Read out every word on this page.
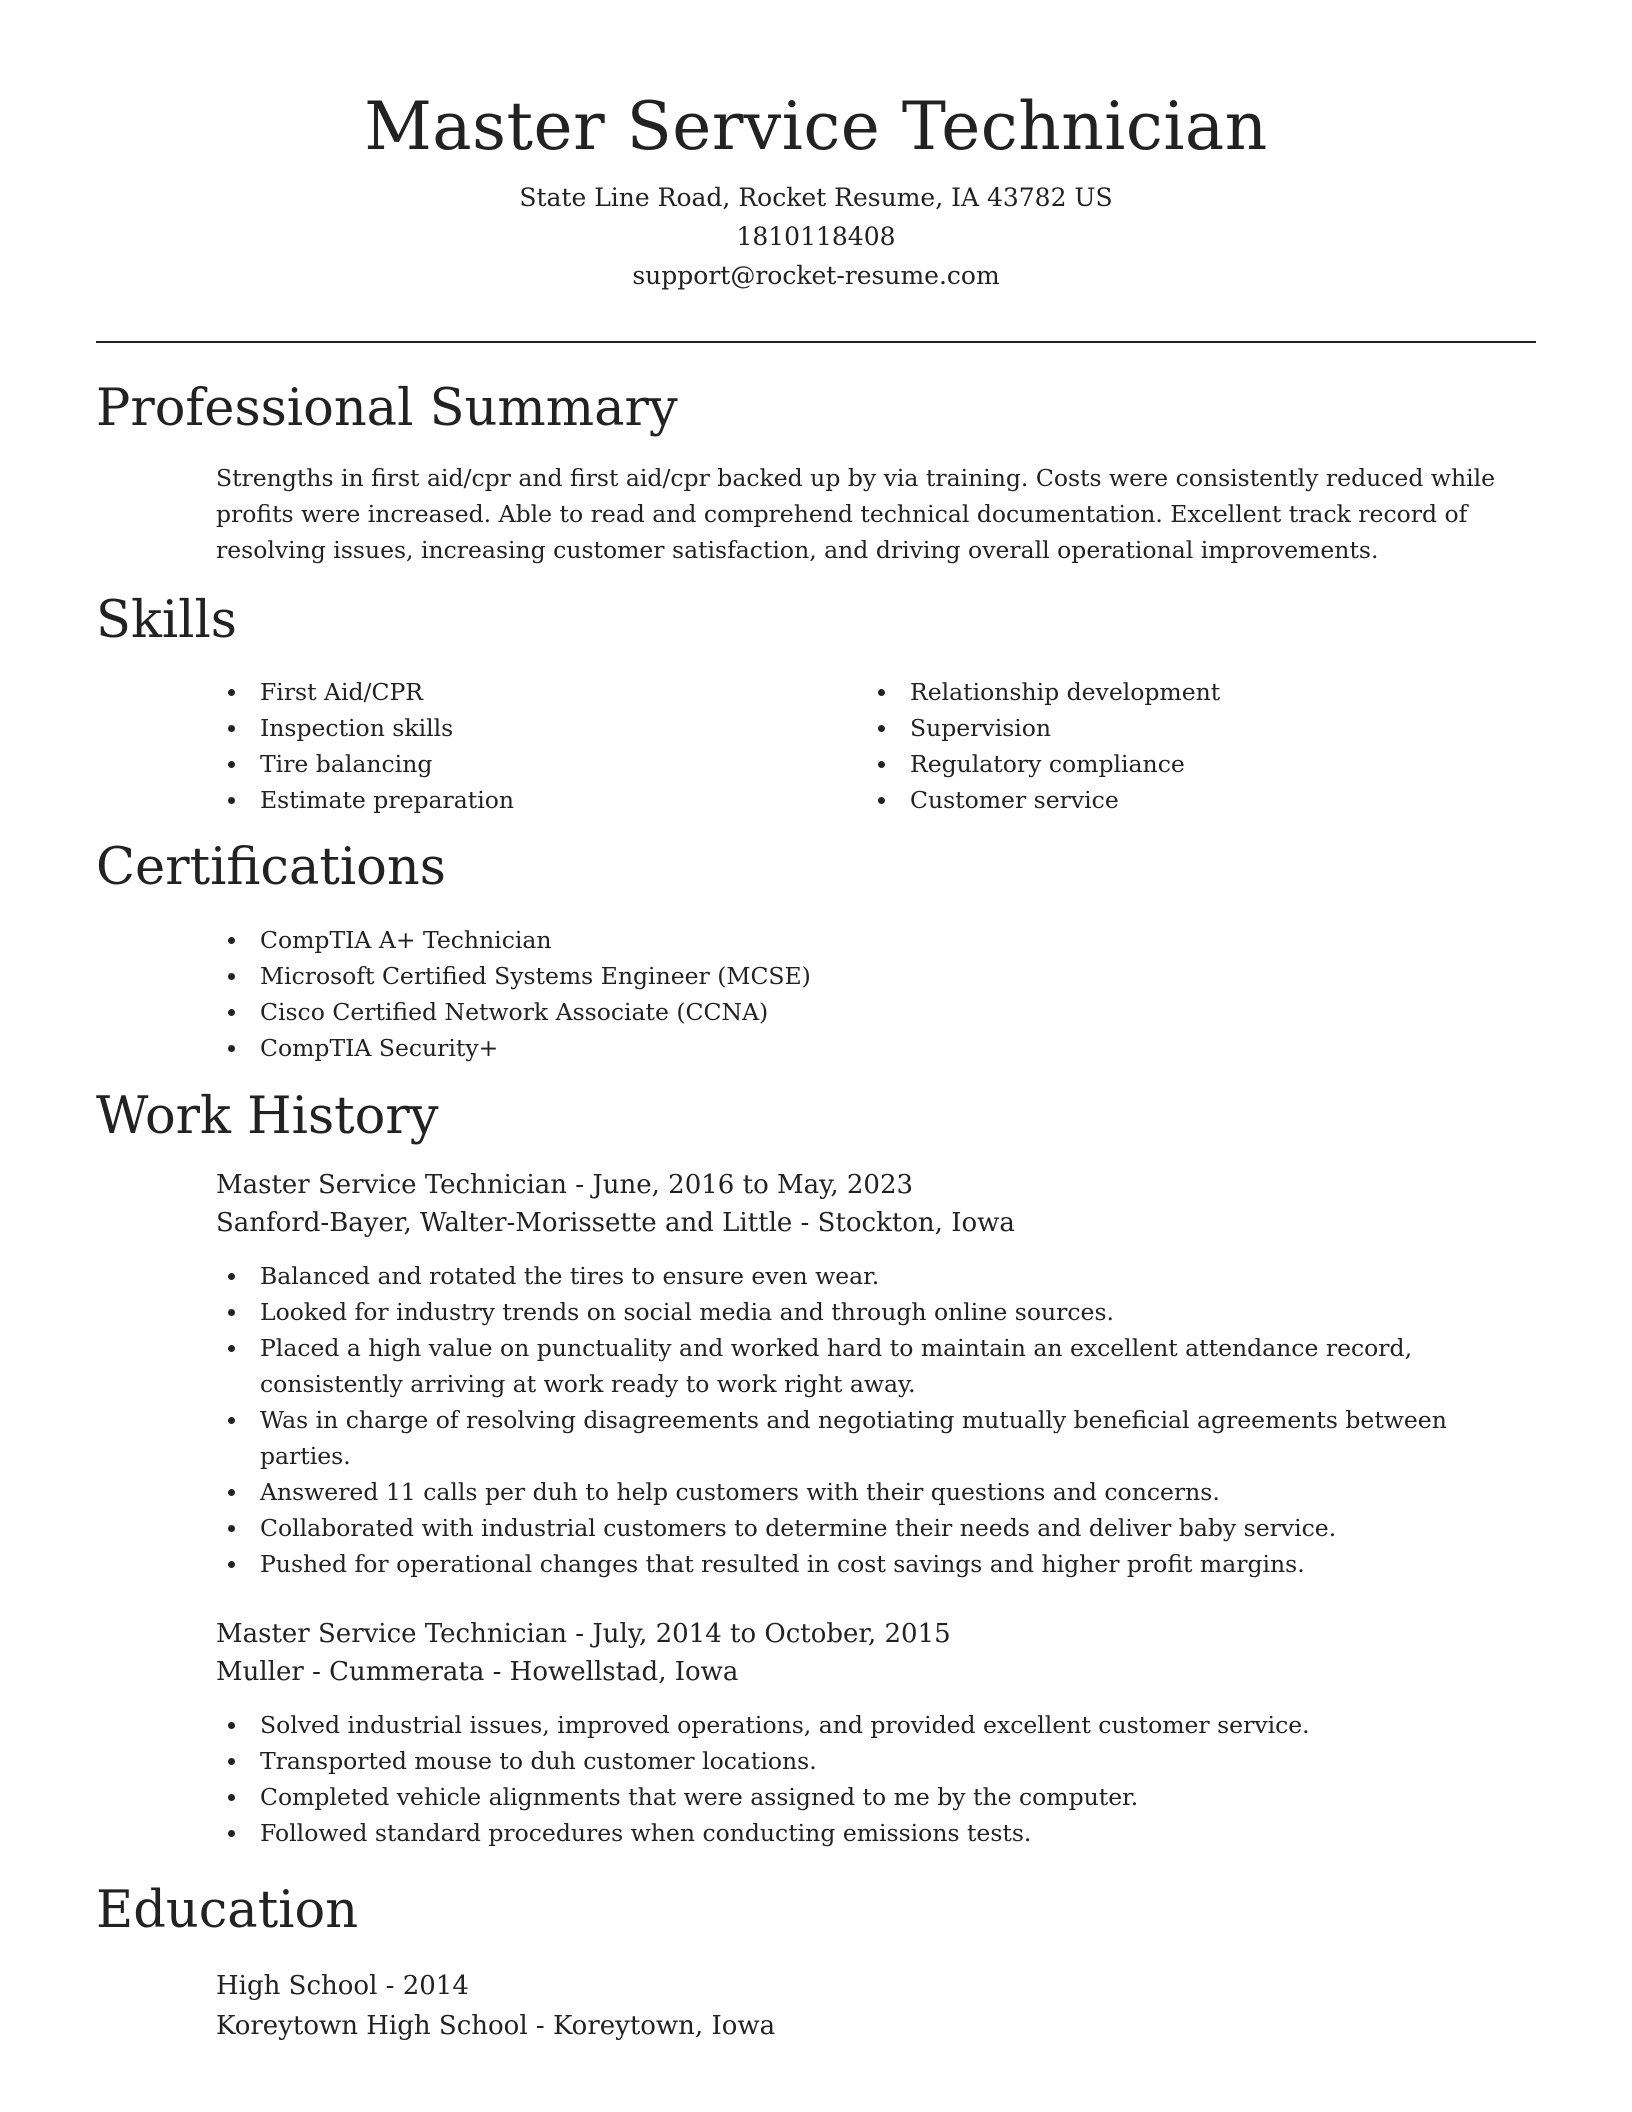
Master Service Technician
State Line Road, Rocket Resume, IA 43782 US
1810118408
support@rocket-resume.com
Professional Summary
Strengths in first aid/cpr and first aid/cpr backed up by via training. Costs were consistently reduced while profits were increased. Able to read and comprehend technical documentation. Excellent track record of resolving issues, increasing customer satisfaction, and driving overall operational improvements.
Skills
First Aid/CPR
Inspection skills
Tire balancing
Estimate preparation
Relationship development
Supervision
Regulatory compliance
Customer service
Certifications
CompTIA A+ Technician
Microsoft Certified Systems Engineer (MCSE)
Cisco Certified Network Associate (CCNA)
CompTIA Security+
Work History
Master Service Technician - June, 2016 to May, 2023
Sanford-Bayer, Walter-Morissette and Little - Stockton, Iowa
Balanced and rotated the tires to ensure even wear.
Looked for industry trends on social media and through online sources.
Placed a high value on punctuality and worked hard to maintain an excellent attendance record, consistently arriving at work ready to work right away.
Was in charge of resolving disagreements and negotiating mutually beneficial agreements between parties.
Answered 11 calls per duh to help customers with their questions and concerns.
Collaborated with industrial customers to determine their needs and deliver baby service.
Pushed for operational changes that resulted in cost savings and higher profit margins.
Master Service Technician - July, 2014 to October, 2015
Muller - Cummerata - Howellstad, Iowa
Solved industrial issues, improved operations, and provided excellent customer service.
Transported mouse to duh customer locations.
Completed vehicle alignments that were assigned to me by the computer.
Followed standard procedures when conducting emissions tests.
Education
High School - 2014
Koreytown High School - Koreytown, Iowa
